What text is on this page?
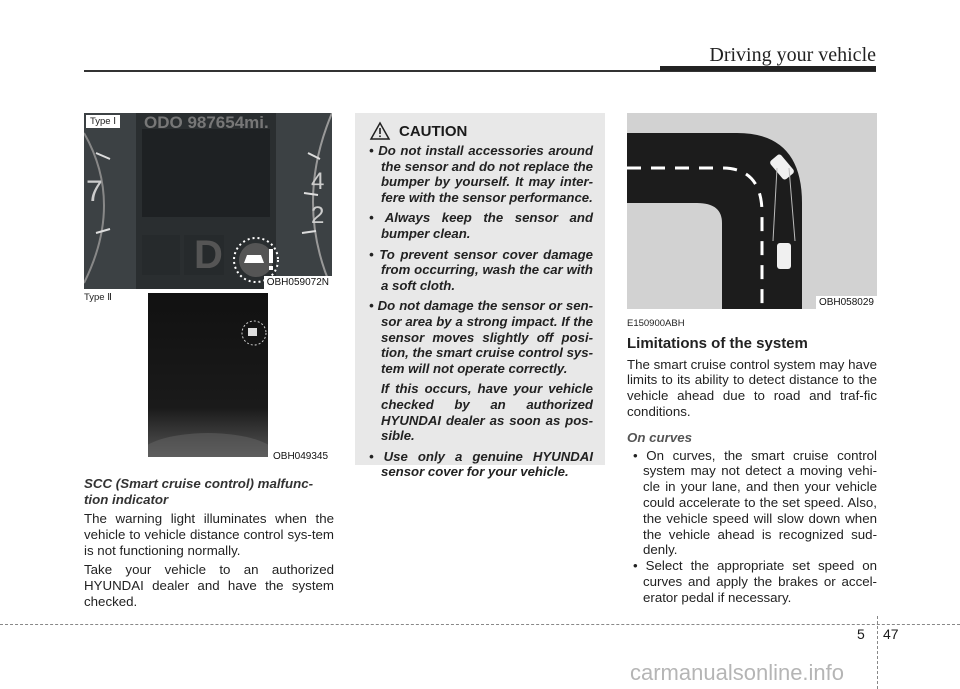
Driving your vehicle
ODO 987654mi.
7	4 2
D
Type Ⅰ
OBH059072N
Type Ⅱ
OBH049345
SCC (Smart cruise control) malfunc-tion indicator

The warning light illuminates when the vehicle to vehicle distance control sys-tem is not functioning normally.

Take your vehicle to an authorized HYUNDAI dealer and have the system checked.

CAUTION
• Do not install accessories around the sensor and do not replace the bumper by yourself. It may inter-fere with the sensor performance.
• Always keep the sensor and bumper clean.
• To prevent sensor cover damage from occurring, wash the car with a soft cloth.
• Do not damage the sensor or sen-sor area by a strong impact. If the sensor moves slightly off posi-tion, the smart cruise control sys-tem will not operate correctly.
If this occurs, have your vehicle checked by an authorized HYUNDAI dealer as soon as pos-sible.
• Use only a genuine HYUNDAI sensor cover for your vehicle.
OBH058029
E150900ABH
Limitations of the system

The smart cruise control system may have limits to its ability to detect distance to the vehicle ahead due to road and traf-fic conditions.

On curves
• On curves, the smart cruise control system may not detect a moving vehi-cle in your lane, and then your vehicle could accelerate to the set speed. Also, the vehicle speed will slow down when the vehicle ahead is recognized sud-denly.
• Select the appropriate set speed on curves and apply the brakes or accel-erator pedal if necessary.
5 47
carmanualsonline.info
